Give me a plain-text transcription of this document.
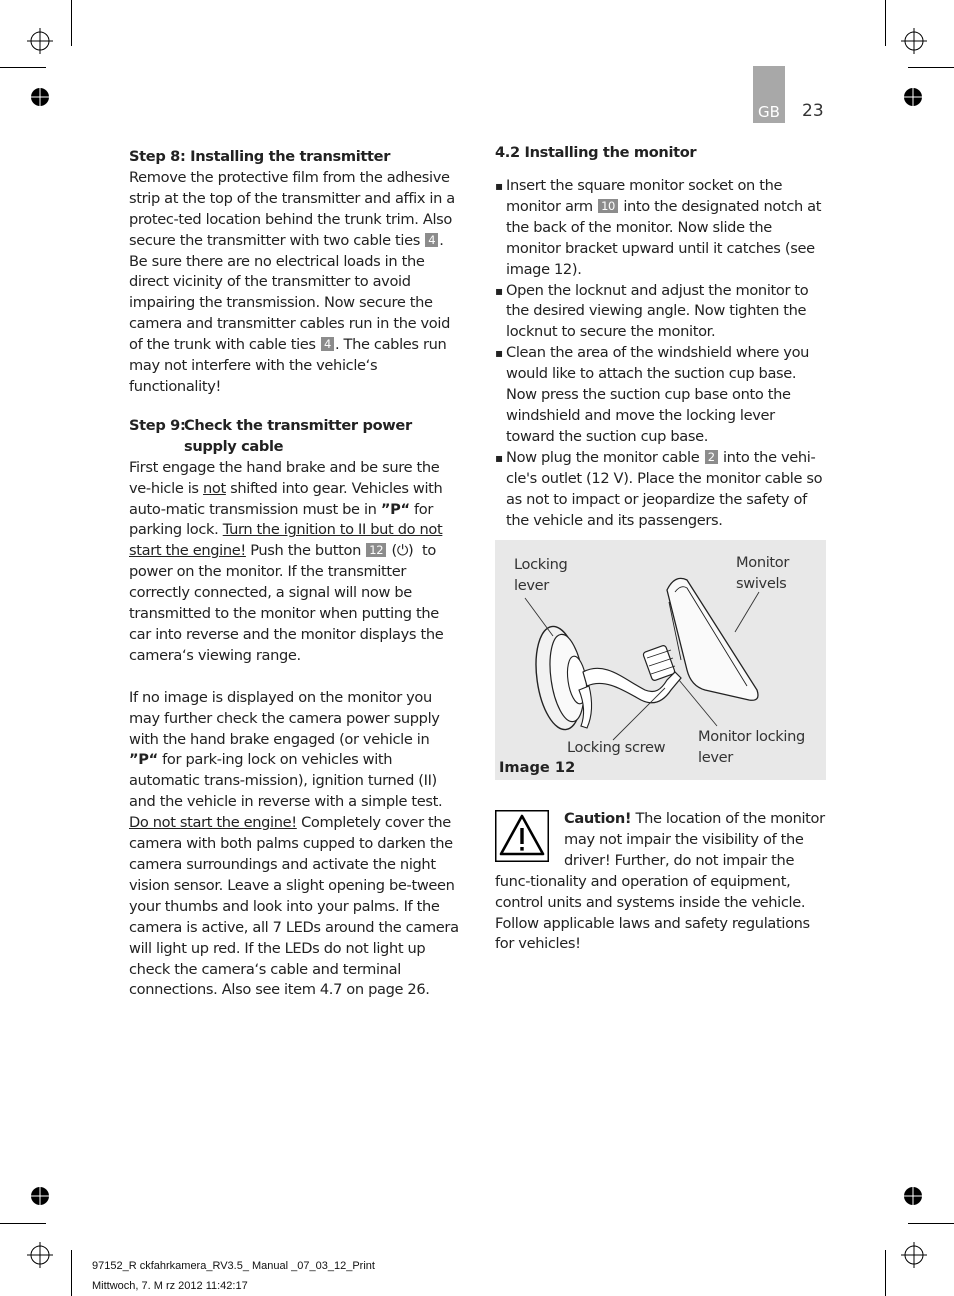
GB 23
Step 8: Installing the transmitter
Remove the protective film from the adhesive strip at the top of the transmitter and affix in a protec-ted location behind the trunk trim. Also secure the transmitter with two cable ties 4 . Be sure there are no electrical loads in the direct vicinity of the transmitter to avoid impairing the transmission. Now secure the camera and transmitter cables run in the void of the trunk with cable ties 4 . The cables run may not interfere with the vehicle‘s functionality!
Step 9:
Check the transmitter power supply cable
First engage the hand brake and be sure the ve-hicle is not shifted into gear. Vehicles with auto-matic transmission must be in ”P“ for parking lock. Turn the ignition to II but do not start the engine! Push the button 12 (⏻) to power on the monitor. If the transmitter correctly connected, a signal will now be transmitted to the monitor when putting the car into reverse and the monitor displays the camera‘s viewing range.
If no image is displayed on the monitor you may further check the camera power supply with the hand brake engaged (or vehicle in ”P“ for park-ing lock on vehicles with automatic trans-mission), ignition turned (II) and the vehicle in reverse with a simple test. Do not start the engine! Completely cover the camera with both palms cupped to darken the camera surroundings and activate the night vision sensor. Leave a slight opening be-tween your thumbs and look into your palms. If the camera is active, all 7 LEDs around the camera will light up red. If the LEDs do not light up check the camera‘s cable and terminal connections. Also see item 4.7 on page 26.
4.2 Installing the monitor
▪ Insert the square monitor socket on the monitor arm 10 into the designated notch at the back of the monitor. Now slide the monitor bracket upward until it catches (see image 12).
▪ Open the locknut and adjust the monitor to the desired viewing angle. Now tighten the locknut to secure the monitor.
▪ Clean the area of the windshield where you would like to attach the suction cup base. Now press the suction cup base onto the windshield and move the locking lever toward the suction cup base.
▪ Now plug the monitor cable 2 into the vehi-cle's outlet (12 V). Place the monitor cable so as not to impact or jeopardize the safety of the vehicle and its passengers.
Locking lever
Monitor swivels
Locking screw
Monitor locking lever
Image 12
Caution! The location of the monitor may not impair the visibility of the driver! Further, do not impair the func-tionality and operation of equipment, control units and systems inside the vehicle. Follow applicable laws and safety regulations for vehicles!
97152_R ckfahrkamera_RV3.5_ Manual _07_03_12_Print
Mittwoch, 7. M rz 2012 11:42:17
